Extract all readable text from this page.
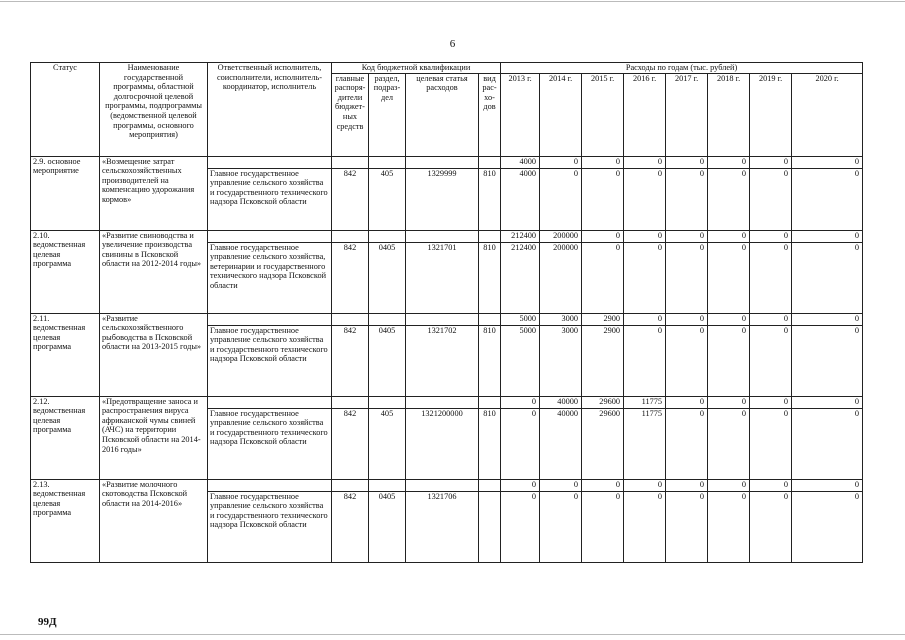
6
Статус	Наименование государственной программы, областной долгосрочной целевой программы, подпрограммы (ведомственной целевой программы, основного мероприятия)	Ответственный исполнитель, соисполнители, исполнитель-координатор, исполнитель	Код бюджетной квалификации				Расходы по годам (тыс. рублей)							
			главные распоря-дители бюджет-ных средств	раздел, подраз-дел	целевая статья расходов	вид рас-хо-дов	2013 г.	2014 г.	2015 г.	2016 г.	2017 г.	2018 г.	2019 г.	2020 г.
2.9. основное мероприятие	«Возмещение затрат сельскохозяйственных производителей на компенсацию удорожания кормов»						4000	0	0	0	0	0	0	0
		Главное государственное управление сельского хозяйства и государственного технического надзора Псковской области	842	405	1329999	810	4000	0	0	0	0	0	0	0
2.10. ведомственная целевая программа	«Развитие свиноводства и увеличение производства свинины в Псковской области на 2012-2014 годы»						212400	200000	0	0	0	0	0	0
		Главное государственное управление сельского хозяйства, ветеринарии и государственного технического надзора Псковской области	842	0405	1321701	810	212400	200000	0	0	0	0	0	0
2.11. ведомственная целевая программа	«Развитие сельскохозяйственного рыбоводства в Псковской области на 2013-2015 годы»						5000	3000	2900	0	0	0	0	0
		Главное государственное управление сельского хозяйства и государственного технического надзора Псковской области	842	0405	1321702	810	5000	3000	2900	0	0	0	0	0
2.12. ведомственная целевая программа	«Предотвращение заноса и распространения вируса африканской чумы свиней (АЧС) на территории Псковской области на 2014-2016 годы»						0	40000	29600	11775	0	0	0	0
		Главное государственное управление сельского хозяйства и государственного технического надзора Псковской области	842	405	1321200000	810	0	40000	29600	11775	0	0	0	0
2.13. ведомственная целевая программа	«Развитие молочного скотоводства Псковской области на 2014-2016»						0	0	0	0	0	0	0	0
		Главное государственное управление сельского хозяйства и государственного технического надзора Псковской области	842	0405	1321706		0	0	0	0	0	0	0	0
99Д
